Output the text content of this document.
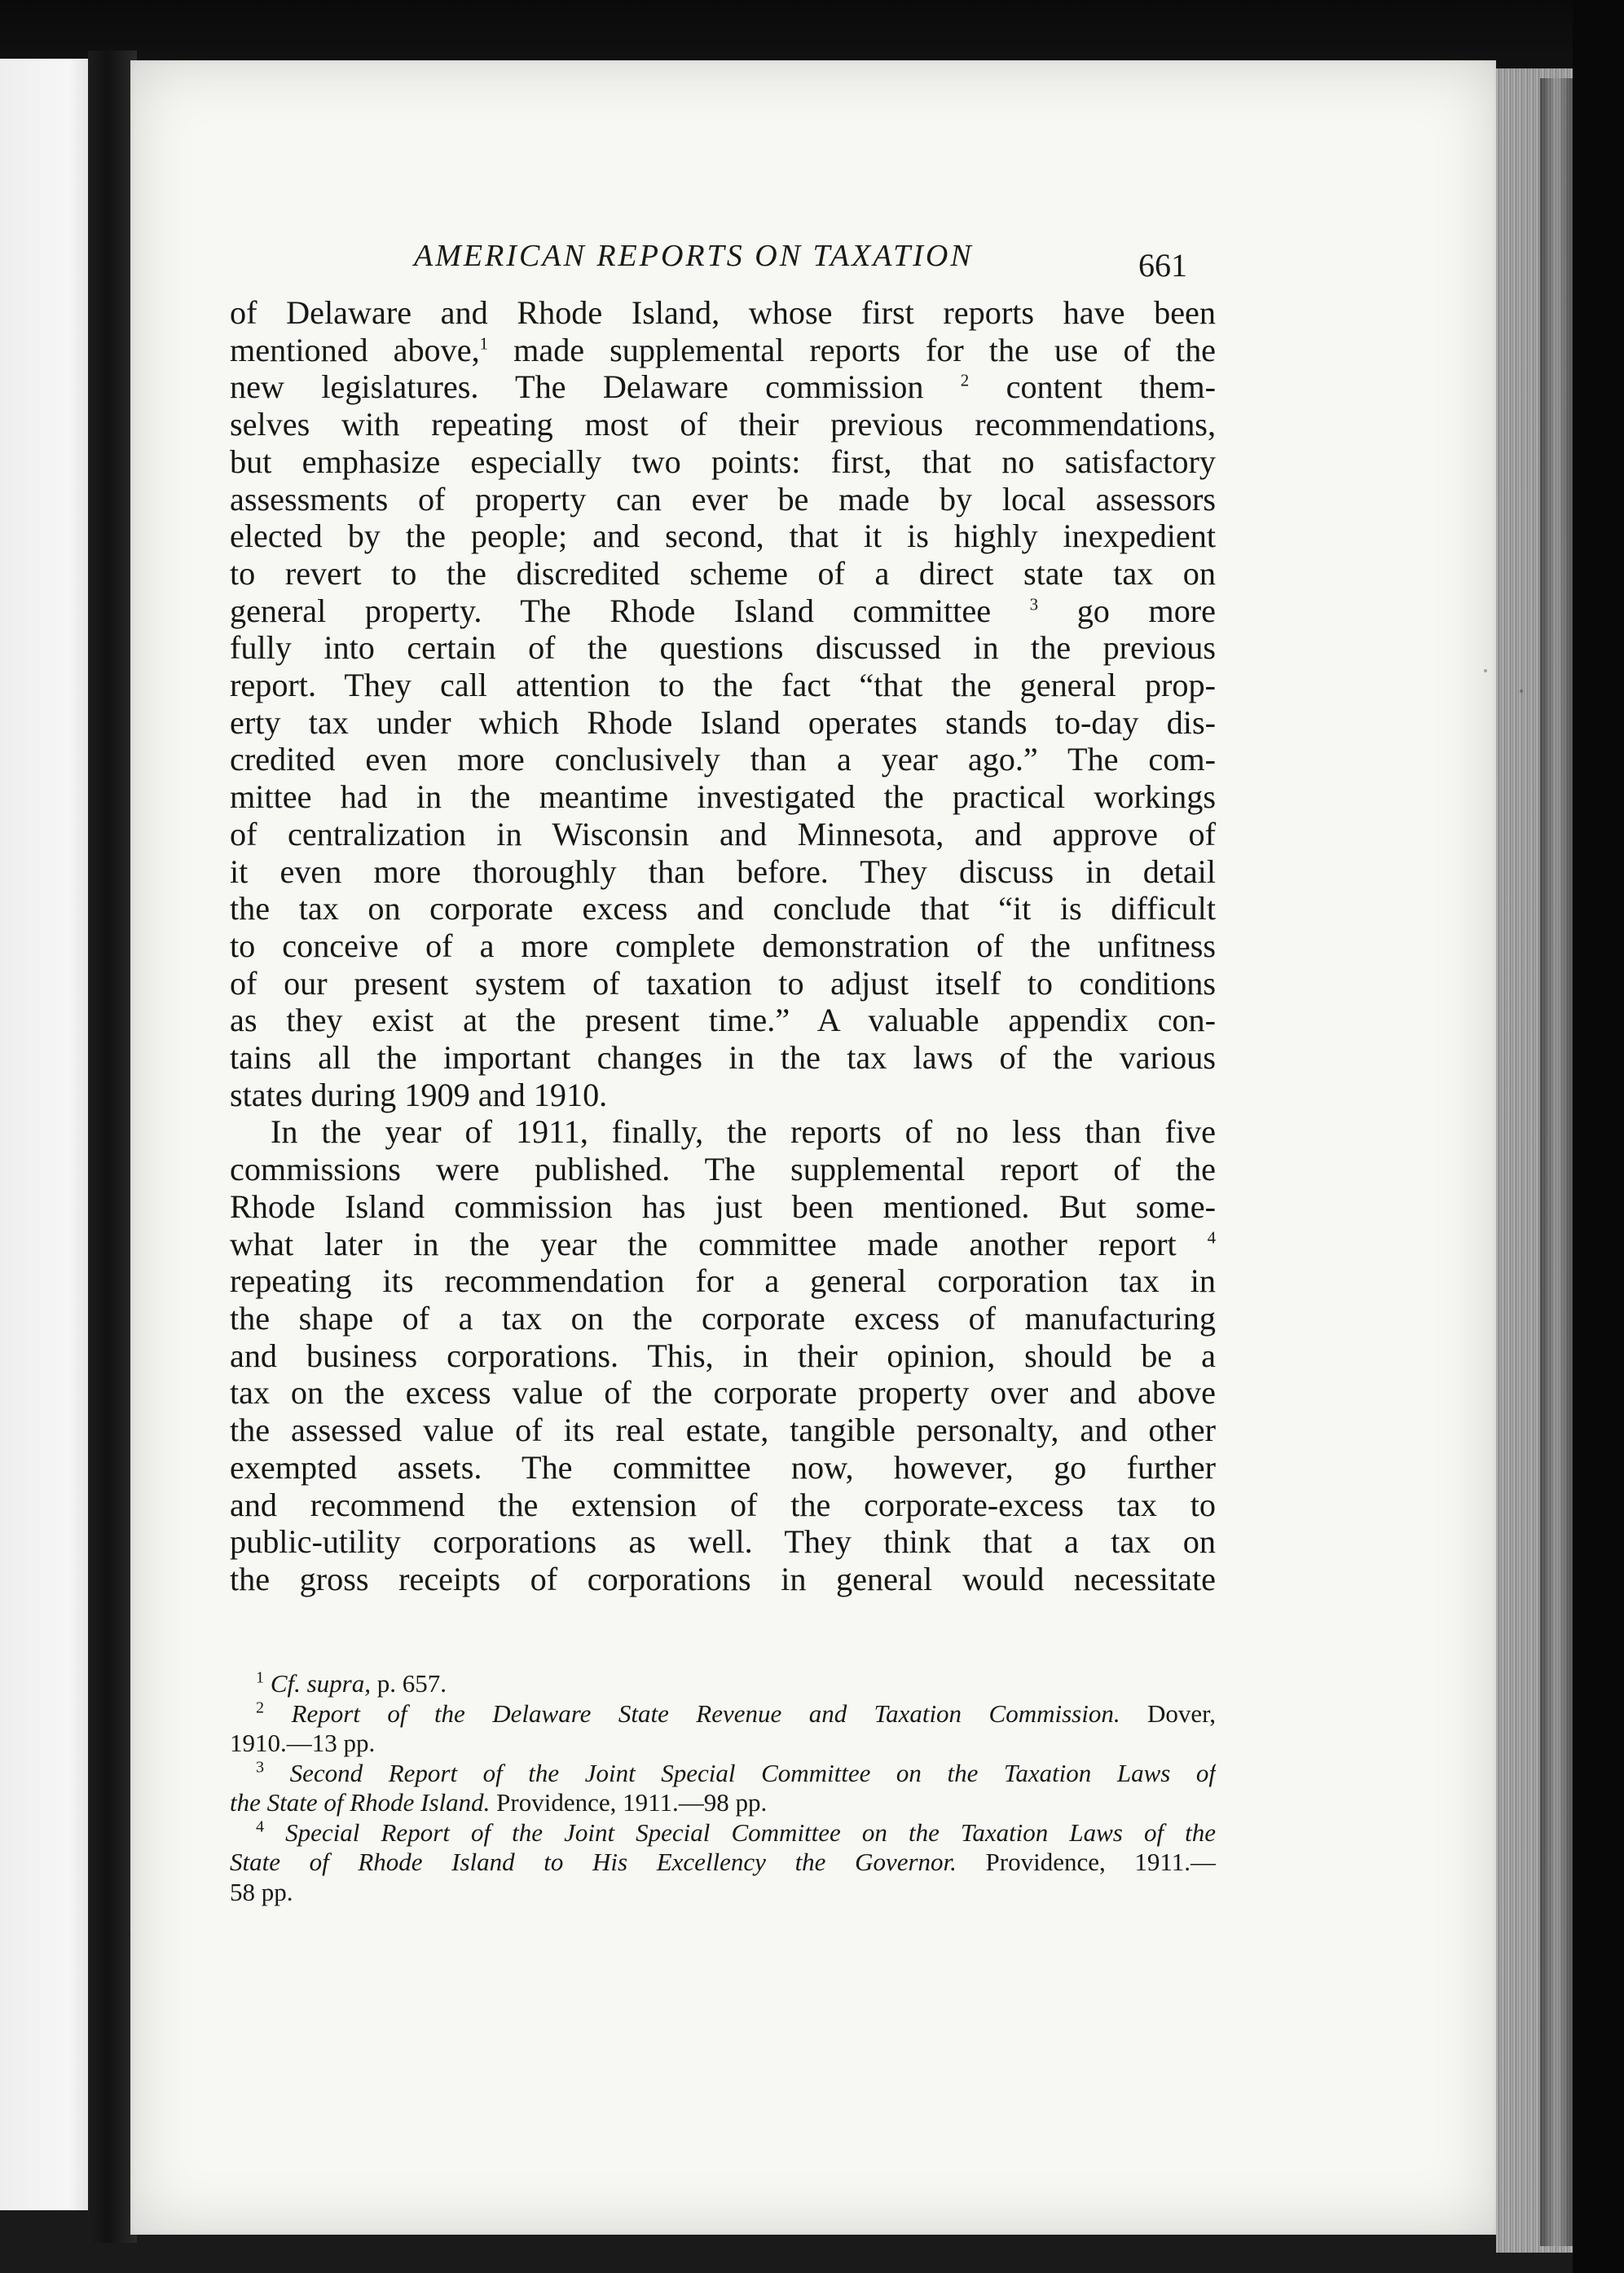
AMERICAN REPORTS ON TAXATION	661
of Delaware and Rhode Island, whose first reports have been
mentioned above,$^1$ made supplemental reports for the use of the
new legislatures. The Delaware commission $^2$ content them-
selves with repeating most of their previous recommendations,
but emphasize especially two points: first, that no satisfactory
assessments of property can ever be made by local assessors
elected by the people; and second, that it is highly inexpedient
to revert to the discredited scheme of a direct state tax on
general property. The Rhode Island committee $^3$ go more
fully into certain of the questions discussed in the previous
report. They call attention to the fact “that the general prop-
erty tax under which Rhode Island operates stands to-day dis-
credited even more conclusively than a year ago.” The com-
mittee had in the meantime investigated the practical workings
of centralization in Wisconsin and Minnesota, and approve of
it even more thoroughly than before. They discuss in detail
the tax on corporate excess and conclude that “it is difficult
to conceive of a more complete demonstration of the unfitness
of our present system of taxation to adjust itself to conditions
as they exist at the present time.” A valuable appendix con-
tains all the important changes in the tax laws of the various
states during 1909 and 1910.
In the year of 1911, finally, the reports of no less than five
commissions were published. The supplemental report of the
Rhode Island commission has just been mentioned. But some-
what later in the year the committee made another report $^4$
repeating its recommendation for a general corporation tax in
the shape of a tax on the corporate excess of manufacturing
and business corporations. This, in their opinion, should be a
tax on the excess value of the corporate property over and above
the assessed value of its real estate, tangible personalty, and other
exempted assets. The committee now, however, go further
and recommend the extension of the corporate-excess tax to
public-utility corporations as well. They think that a tax on
the gross receipts of corporations in general would necessitate
$^1$ Cf. supra, p. 657.
$^2$ Report of the Delaware State Revenue and Taxation Commission. Dover,
1910.—13 pp.
$^3$ Second Report of the Joint Special Committee on the Taxation Laws of
the State of Rhode Island. Providence, 1911.—98 pp.
$^4$ Special Report of the Joint Special Committee on the Taxation Laws of the
State of Rhode Island to His Excellency the Governor. Providence, 1911.—
58 pp.
